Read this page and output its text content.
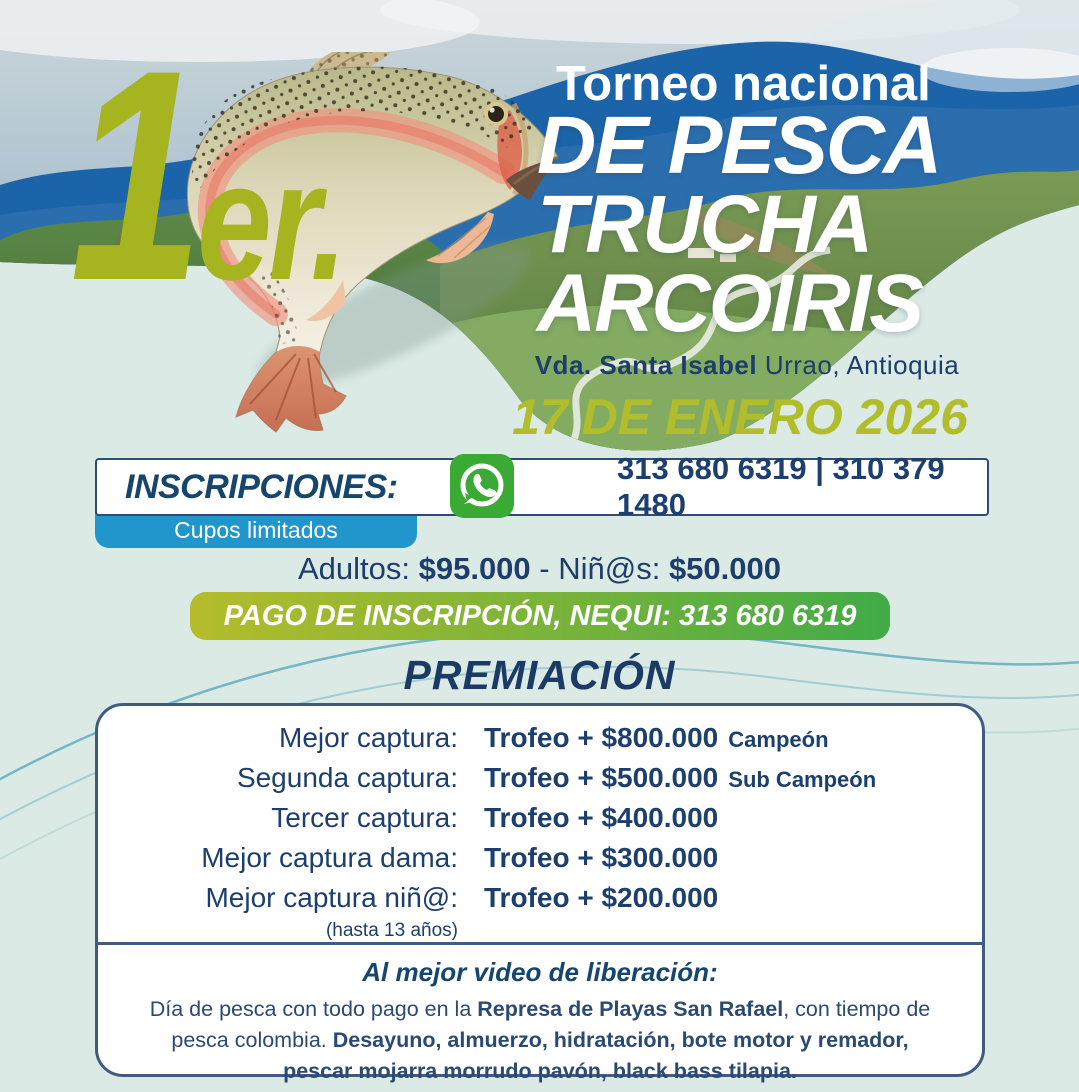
1er.
Torneo nacional
DE PESCA
TRUCHA
ARCOIRIS
Vda. Santa Isabel Urrao, Antioquia
17 DE ENERO 2026
INSCRIPCIONES:	313 680 6319 | 310 379 1480
Cupos limitados
Adultos: $95.000 - Niñ@s: $50.000
PAGO DE INSCRIPCIÓN, NEQUI: 313 680 6319
PREMIACIÓN
Mejor captura: Trofeo + $800.000 Campeón
Segunda captura: Trofeo + $500.000 Sub Campeón
Tercer captura: Trofeo + $400.000
Mejor captura dama: Trofeo + $300.000
Mejor captura niñ@: Trofeo + $200.000
(hasta 13 años)
Al mejor video de liberación:
Día de pesca con todo pago en la Represa de Playas San Rafael, con tiempo de pesca colombia. Desayuno, almuerzo, hidratación, bote motor y remador, pescar mojarra morrudo pavón, black bass tilapia.
